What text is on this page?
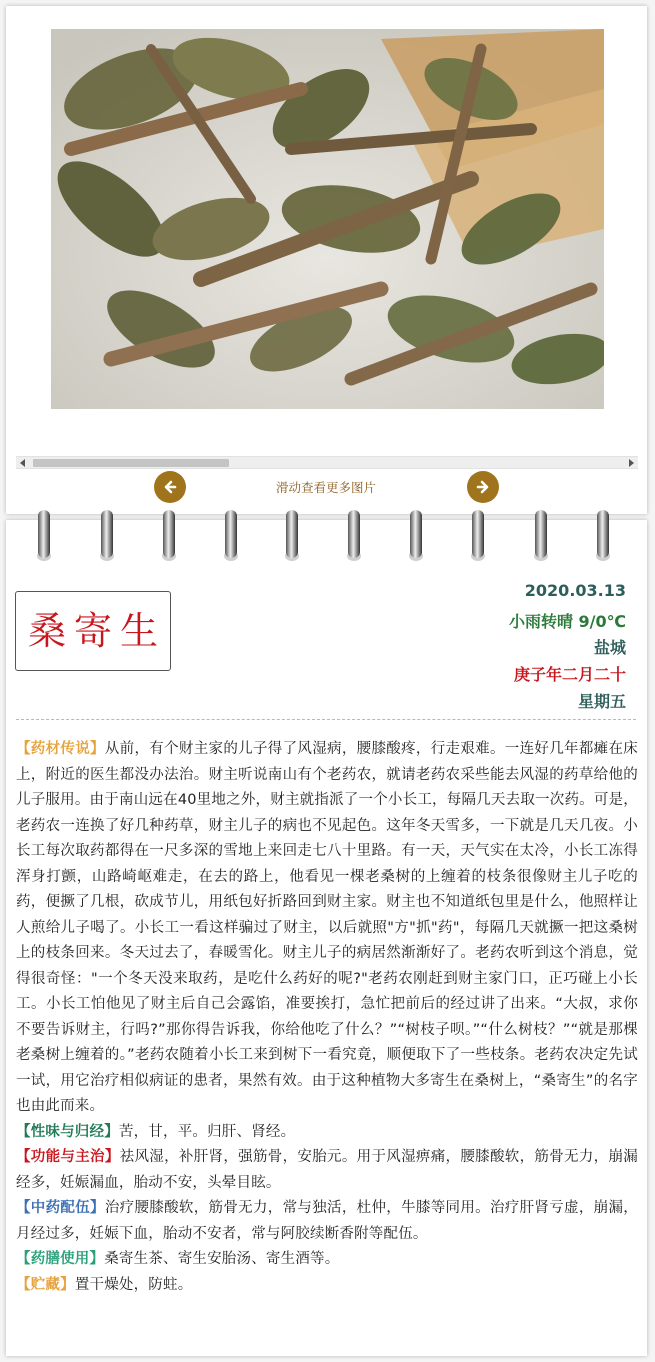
滑动查看更多图片
桑寄生
2020.03.13
小雨转晴 9/0℃
盐城
庚子年二月二十
星期五

【药材传说】从前，有个财主家的儿子得了风湿病，腰膝酸疼，行走艰难。一连好几年都瘫在床上，附近的医生都没办法治。财主听说南山有个老药农，就请老药农采些能去风湿的药草给他的儿子服用。由于南山远在40里地之外，财主就指派了一个小长工，每隔几天去取一次药。可是，老药农一连换了好几种药草，财主儿子的病也不见起色。这年冬天雪多，一下就是几天几夜。小长工每次取药都得在一尺多深的雪地上来回走七八十里路。有一天，天气实在太冷，小长工冻得浑身打颤，山路崎岖难走，在去的路上，他看见一棵老桑树的上缠着的枝条很像财主儿子吃的药，便撅了几根，砍成节儿，用纸包好折路回到财主家。财主也不知道纸包里是什么，他照样让人煎给儿子喝了。小长工一看这样骗过了财主，以后就照"方"抓"药"，每隔几天就撅一把这桑树上的枝条回来。冬天过去了，春暖雪化。财主儿子的病居然渐渐好了。老药农听到这个消息，觉得很奇怪："一个冬天没来取药，是吃什么药好的呢?"老药农刚赶到财主家门口，正巧碰上小长工。小长工怕他见了财主后自己会露馅，准要挨打，急忙把前后的经过讲了出来。“大叔，求你不要告诉财主，行吗?”那你得告诉我，你给他吃了什么？”“树枝子呗。”“什么树枝？”“就是那棵老桑树上缠着的。”老药农随着小长工来到树下一看究竟，顺便取下了一些枝条。老药农决定先试一试，用它治疗相似病证的患者，果然有效。由于这种植物大多寄生在桑树上，“桑寄生”的名字也由此而来。

【性味与归经】苦，甘，平。归肝、肾经。

【功能与主治】祛风湿，补肝肾，强筋骨，安胎元。用于风湿痹痛，腰膝酸软，筋骨无力，崩漏经多，妊娠漏血，胎动不安，头晕目眩。

【中药配伍】治疗腰膝酸软，筋骨无力，常与独活，杜仲，牛膝等同用。治疗肝肾亏虚，崩漏，月经过多，妊娠下血，胎动不安者，常与阿胶续断香附等配伍。

【药膳使用】桑寄生茶、寄生安胎汤、寄生酒等。

【贮藏】置干燥处，防蛀。
